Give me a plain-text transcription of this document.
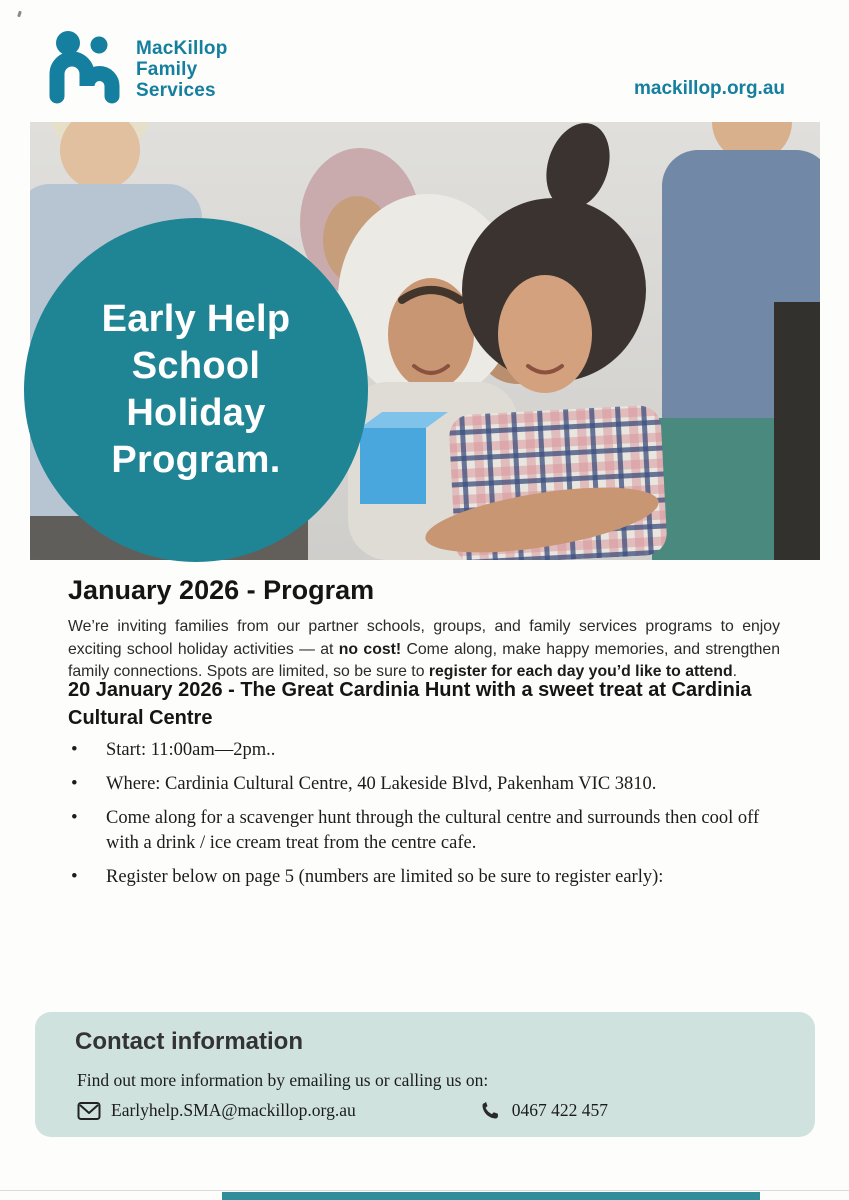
MacKillop
Family
Services	mackillop.org.au
Early Help
School
Holiday
Program.
January 2026 - Program
We’re inviting families from our partner schools, groups, and family services programs to enjoy exciting school holiday activities — at no cost! Come along, make happy memories, and strengthen family connections. Spots are limited, so be sure to register for each day you’d like to attend.
20 January 2026 - The Great Cardinia Hunt with a sweet treat at Cardinia Cultural Centre
• Start: 11:00am—2pm..
• Where: Cardinia Cultural Centre, 40 Lakeside Blvd, Pakenham VIC 3810.
• Come along for a scavenger hunt through the cultural centre and surrounds then cool off with a drink / ice cream treat from the centre cafe.
• Register below on page 5 (numbers are limited so be sure to register early):
Contact information
Find out more information by emailing us or calling us on:
Earlyhelp.SMA@mackillop.org.au	0467 422 457
